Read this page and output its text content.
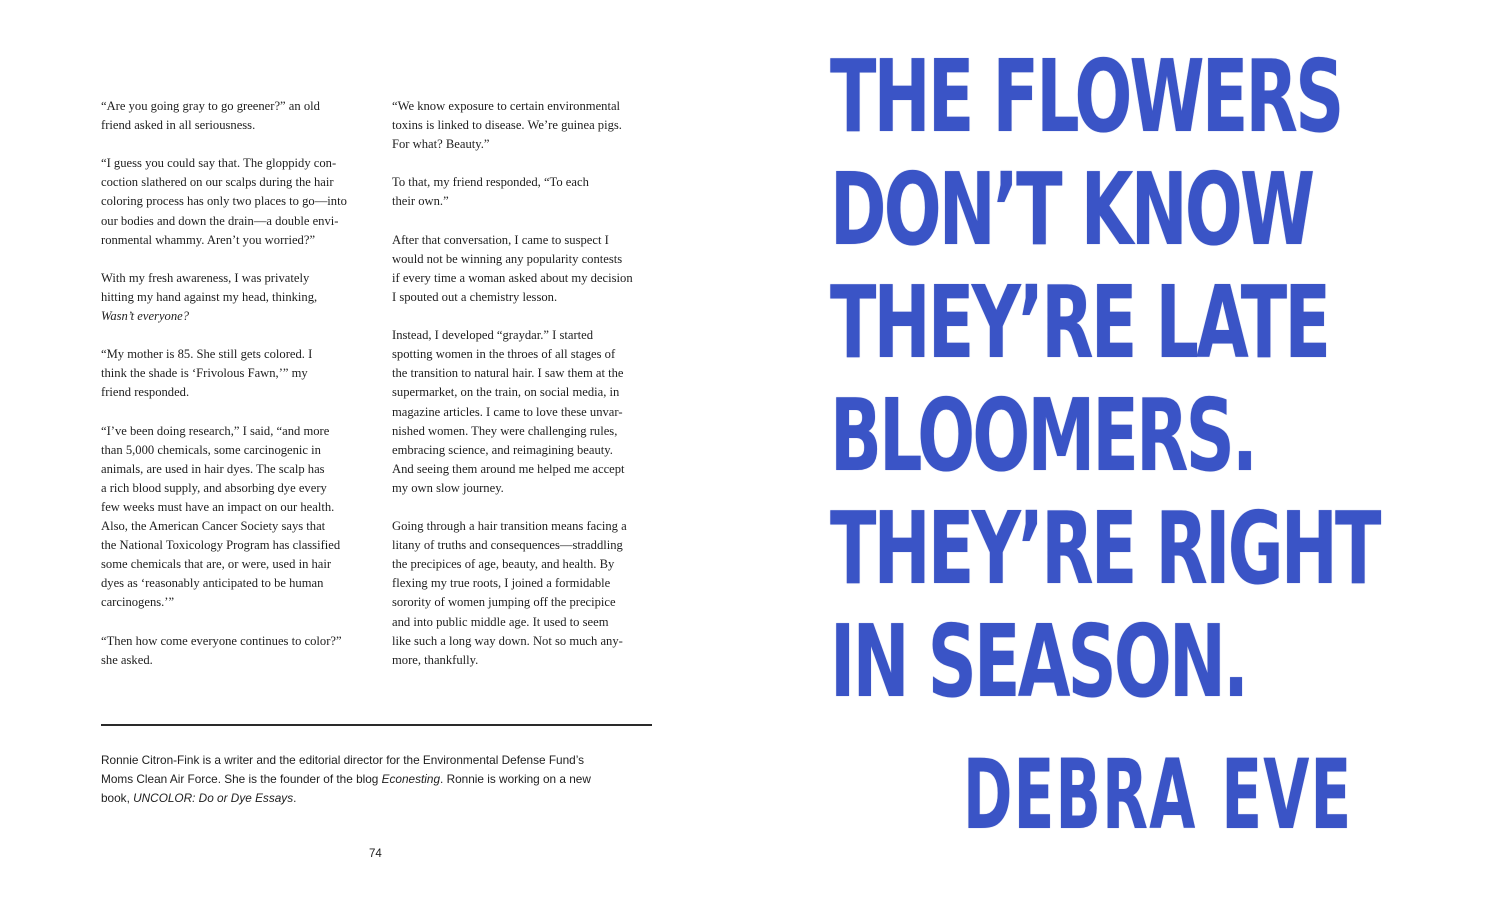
“Are you going gray to go greener?” an old
friend asked in all seriousness.

“I guess you could say that. The gloppidy con-
coction slathered on our scalps during the hair
coloring process has only two places to go—into
our bodies and down the drain—a double envi-
ronmental whammy. Aren’t you worried?”

With my fresh awareness, I was privately
hitting my hand against my head, thinking,
Wasn’t everyone?

“My mother is 85. She still gets colored. I
think the shade is ‘Frivolous Fawn,’” my
friend responded.

“I’ve been doing research,” I said, “and more
than 5,000 chemicals, some carcinogenic in
animals, are used in hair dyes. The scalp has
a rich blood supply, and absorbing dye every
few weeks must have an impact on our health.
Also, the American Cancer Society says that
the National Toxicology Program has classified
some chemicals that are, or were, used in hair
dyes as ‘reasonably anticipated to be human
carcinogens.’”

“Then how come everyone continues to color?”
she asked.

“We know exposure to certain environmental
toxins is linked to disease. We’re guinea pigs.
For what? Beauty.”

To that, my friend responded, “To each
their own.”

After that conversation, I came to suspect I
would not be winning any popularity contests
if every time a woman asked about my decision
I spouted out a chemistry lesson.

Instead, I developed “graydar.” I started
spotting women in the throes of all stages of
the transition to natural hair. I saw them at the
supermarket, on the train, on social media, in
magazine articles. I came to love these unvar-
nished women. They were challenging rules,
embracing science, and reimagining beauty.
And seeing them around me helped me accept
my own slow journey.

Going through a hair transition means facing a
litany of truths and consequences—straddling
the precipices of age, beauty, and health. By
flexing my true roots, I joined a formidable
sorority of women jumping off the precipice
and into public middle age. It used to seem
like such a long way down. Not so much any-
more, thankfully.

Ronnie Citron-Fink is a writer and the editorial director for the Environmental Defense Fund’s
Moms Clean Air Force. She is the founder of the blog Econesting. Ronnie is working on a new
book, UNCOLOR: Do or Dye Essays.
74
THE FLOWERS
DON’T KNOW
THEY’RE LATE
BLOOMERS.
THEY’RE RIGHT
IN SEASON.
DEBRA EVE
